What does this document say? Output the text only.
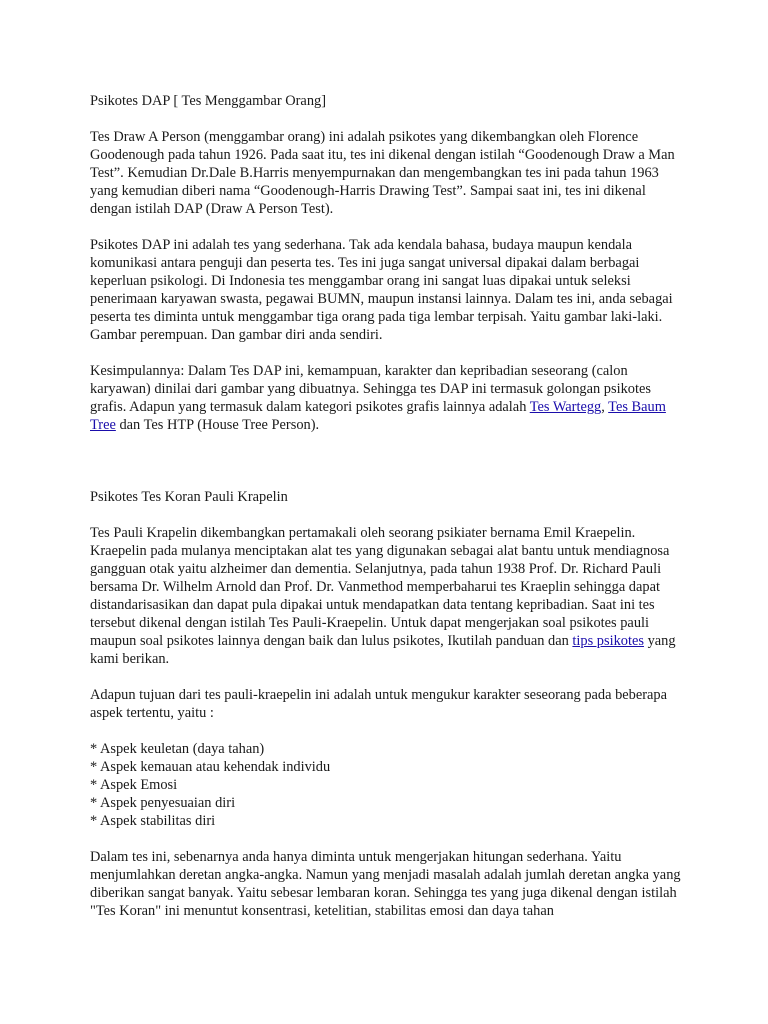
Psikotes DAP [ Tes Menggambar Orang]

Tes Draw A Person (menggambar orang) ini adalah psikotes yang dikembangkan oleh Florence Goodenough pada tahun 1926. Pada saat itu, tes ini dikenal dengan istilah “Goodenough Draw a Man Test”. Kemudian Dr.Dale B.Harris menyempurnakan dan mengembangkan tes ini pada tahun 1963 yang kemudian diberi nama “Goodenough-Harris Drawing Test”. Sampai saat ini, tes ini dikenal dengan istilah DAP (Draw A Person Test).

Psikotes DAP ini adalah tes yang sederhana. Tak ada kendala bahasa, budaya maupun kendala komunikasi antara penguji dan peserta tes. Tes ini juga sangat universal dipakai dalam berbagai keperluan psikologi. Di Indonesia tes menggambar orang ini sangat luas dipakai untuk seleksi penerimaan karyawan swasta, pegawai BUMN, maupun instansi lainnya. Dalam tes ini, anda sebagai peserta tes diminta untuk menggambar tiga orang pada tiga lembar terpisah. Yaitu gambar laki-laki. Gambar perempuan. Dan gambar diri anda sendiri.

Kesimpulannya: Dalam Tes DAP ini, kemampuan, karakter dan kepribadian seseorang (calon karyawan) dinilai dari gambar yang dibuatnya. Sehingga tes DAP ini termasuk golongan psikotes grafis. Adapun yang termasuk dalam kategori psikotes grafis lainnya adalah Tes Wartegg, Tes Baum Tree dan Tes HTP (House Tree Person).

Psikotes Tes Koran Pauli Krapelin

Tes Pauli Krapelin dikembangkan pertamakali oleh seorang psikiater bernama Emil Kraepelin. Kraepelin pada mulanya menciptakan alat tes yang digunakan sebagai alat bantu untuk mendiagnosa gangguan otak yaitu alzheimer dan dementia. Selanjutnya, pada tahun 1938 Prof. Dr. Richard Pauli bersama Dr. Wilhelm Arnold dan Prof. Dr. Vanmethod memperbaharui tes Kraeplin sehingga dapat distandarisasikan dan dapat pula dipakai untuk mendapatkan data tentang kepribadian. Saat ini tes tersebut dikenal dengan istilah Tes Pauli-Kraepelin. Untuk dapat mengerjakan soal psikotes pauli maupun soal psikotes lainnya dengan baik dan lulus psikotes, Ikutilah panduan dan tips psikotes yang kami berikan.

Adapun tujuan dari tes pauli-kraepelin ini adalah untuk mengukur karakter seseorang pada beberapa aspek tertentu, yaitu :

* Aspek keuletan (daya tahan)
* Aspek kemauan atau kehendak individu
* Aspek Emosi
* Aspek penyesuaian diri
* Aspek stabilitas diri

Dalam tes ini, sebenarnya anda hanya diminta untuk mengerjakan hitungan sederhana. Yaitu menjumlahkan deretan angka-angka. Namun yang menjadi masalah adalah jumlah deretan angka yang diberikan sangat banyak. Yaitu sebesar lembaran koran. Sehingga tes yang juga dikenal dengan istilah "Tes Koran" ini menuntut konsentrasi, ketelitian, stabilitas emosi dan daya tahan
